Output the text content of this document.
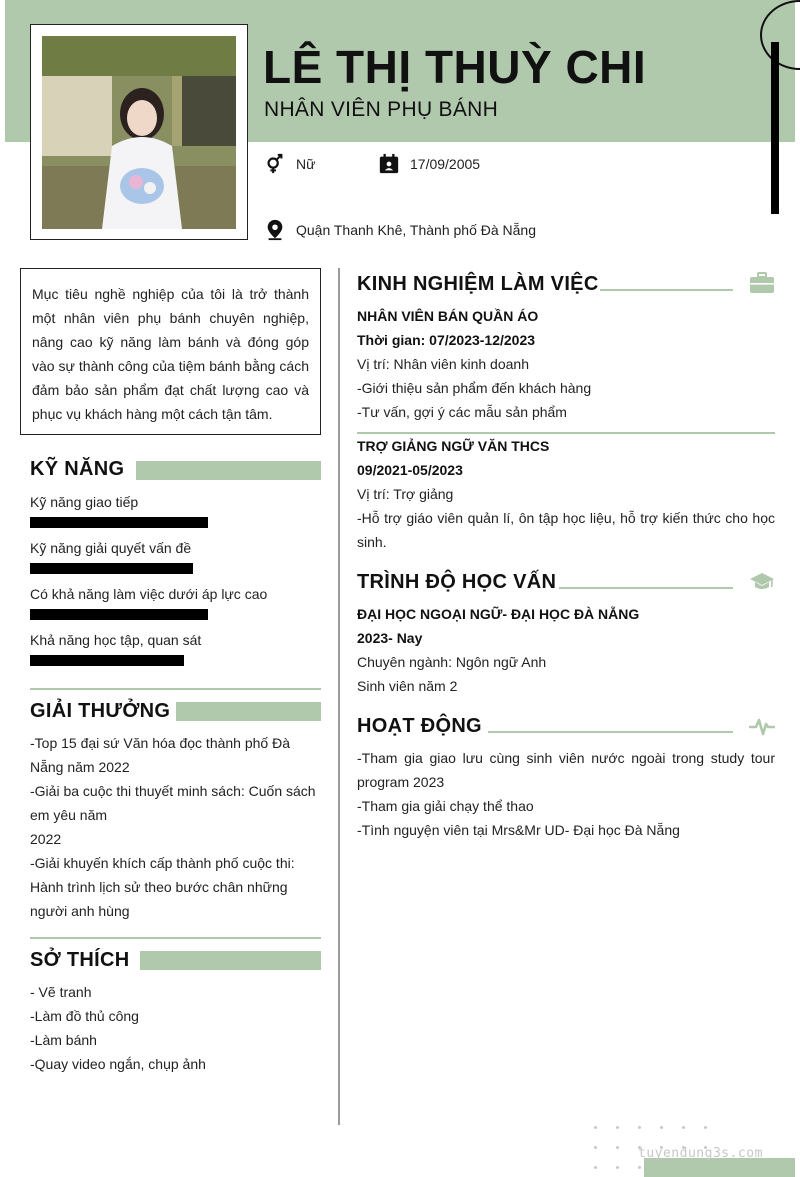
LÊ THỊ THUỲ CHI
NHÂN VIÊN PHỤ BÁNH
Nữ	17/09/2005
Quận Thanh Khê, Thành phố Đà Nẵng
Mục tiêu nghề nghiệp của tôi là trở thành một nhân viên phụ bánh chuyên nghiệp, nâng cao kỹ năng làm bánh và đóng góp vào sự thành công của tiệm bánh bằng cách đảm bảo sản phẩm đạt chất lượng cao và phục vụ khách hàng một cách tận tâm.
KỸ NĂNG
Kỹ năng giao tiếp
Kỹ năng giải quyết vấn đề
Có khả năng làm việc dưới áp lực cao
Khả năng học tập, quan sát
GIẢI THƯỞNG
-Top 15 đại sứ Văn hóa đọc thành phố Đà
Nẵng năm 2022
-Giải ba cuộc thi thuyết minh sách: Cuốn sách
em yêu năm
2022
-Giải khuyến khích cấp thành phố cuộc thi:
Hành trình lịch sử theo bước chân những
người anh hùng
SỞ THÍCH
- Vẽ tranh
-Làm đồ thủ công
-Làm bánh
-Quay video ngắn, chụp ảnh
KINH NGHIỆM LÀM VIỆC
NHÂN VIÊN BÁN QUẦN ÁO
Thời gian: 07/2023-12/2023
Vị trí: Nhân viên kinh doanh
-Giới thiệu sản phẩm đến khách hàng
-Tư vấn, gợi ý các mẫu sản phẩm
TRỢ GIẢNG NGỮ VĂN THCS
09/2021-05/2023
Vị trí: Trợ giảng
-Hỗ trợ giáo viên quản lí, ôn tập học liệu, hỗ trợ kiến thức cho học
sinh.
TRÌNH ĐỘ HỌC VẤN
ĐẠI HỌC NGOẠI NGỮ- ĐẠI HỌC ĐÀ NẴNG
2023- Nay
Chuyên ngành: Ngôn ngữ Anh
Sinh viên năm 2
HOẠT ĐỘNG
-Tham gia giao lưu cùng sinh viên nước ngoài trong study tour
program 2023
-Tham gia giải chạy thể thao
-Tình nguyện viên tại Mrs&Mr UD- Đại học Đà Nẵng
tuyendung3s.com
